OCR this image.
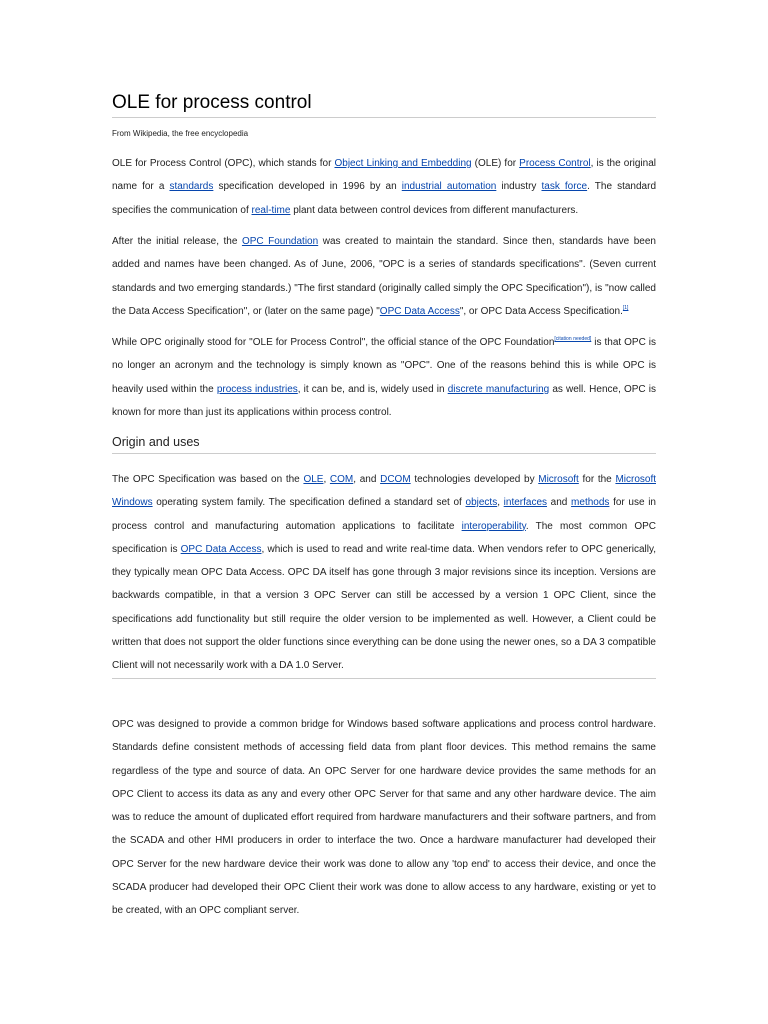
OLE for process control
From Wikipedia, the free encyclopedia

OLE for Process Control (OPC), which stands for Object Linking and Embedding (OLE) for Process Control, is the original name for a standards specification developed in 1996 by an industrial automation industry task force. The standard specifies the communication of real-time plant data between control devices from different manufacturers.

After the initial release, the OPC Foundation was created to maintain the standard. Since then, standards have been added and names have been changed. As of June, 2006, "OPC is a series of standards specifications". (Seven current standards and two emerging standards.) "The first standard (originally called simply the OPC Specification"), is "now called the Data Access Specification", or (later on the same page) "OPC Data Access", or OPC Data Access Specification.[1]

While OPC originally stood for "OLE for Process Control", the official stance of the OPC Foundation[citation needed] is that OPC is no longer an acronym and the technology is simply known as "OPC". One of the reasons behind this is while OPC is heavily used within the process industries, it can be, and is, widely used in discrete manufacturing as well. Hence, OPC is known for more than just its applications within process control.

Origin and uses

The OPC Specification was based on the OLE, COM, and DCOM technologies developed by Microsoft for the Microsoft Windows operating system family. The specification defined a standard set of objects, interfaces and methods for use in process control and manufacturing automation applications to facilitate interoperability. The most common OPC specification is OPC Data Access, which is used to read and write real-time data. When vendors refer to OPC generically, they typically mean OPC Data Access. OPC DA itself has gone through 3 major revisions since its inception. Versions are backwards compatible, in that a version 3 OPC Server can still be accessed by a version 1 OPC Client, since the specifications add functionality but still require the older version to be implemented as well. However, a Client could be written that does not support the older functions since everything can be done using the newer ones, so a DA 3 compatible Client will not necessarily work with a DA 1.0 Server.

OPC was designed to provide a common bridge for Windows based software applications and process control hardware. Standards define consistent methods of accessing field data from plant floor devices. This method remains the same regardless of the type and source of data. An OPC Server for one hardware device provides the same methods for an OPC Client to access its data as any and every other OPC Server for that same and any other hardware device. The aim was to reduce the amount of duplicated effort required from hardware manufacturers and their software partners, and from the SCADA and other HMI producers in order to interface the two. Once a hardware manufacturer had developed their OPC Server for the new hardware device their work was done to allow any 'top end' to access their device, and once the SCADA producer had developed their OPC Client their work was done to allow access to any hardware, existing or yet to be created, with an OPC compliant server.
